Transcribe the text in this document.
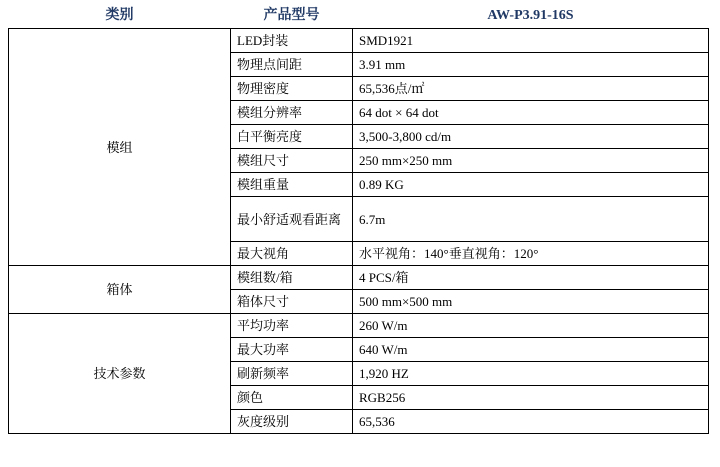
类别	产品型号	AW-P3.91-16S
模组	LED封装	SMD1921
	物理点间距	3.91 mm
	物理密度	65,536点/㎡
	模组分辨率	64 dot × 64 dot
	白平衡亮度	3,500-3,800 cd/m
	模组尺寸	250 mm×250 mm
	模组重量	0.89 KG
	最小舒适观看距离	6.7m
	最大视角	水平视角：140°垂直视角：120°
箱体	模组数/箱	4 PCS/箱
	箱体尺寸	500 mm×500 mm
技术参数	平均功率	260 W/m
	最大功率	640 W/m
	刷新频率	1,920 HZ
	颜色	RGB256
	灰度级别	65,536
